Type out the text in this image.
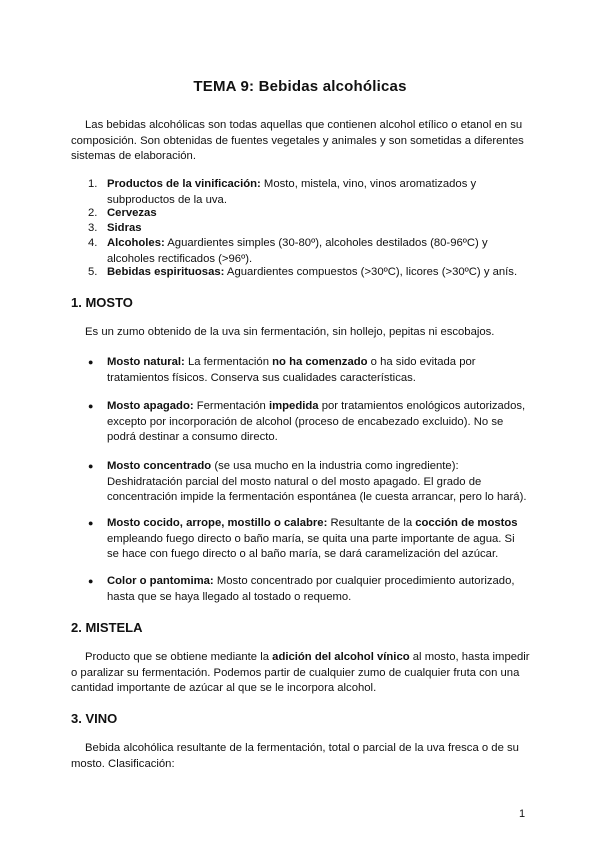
TEMA 9: Bebidas alcohólicas
Las bebidas alcohólicas son todas aquellas que contienen alcohol etílico o etanol en su composición. Son obtenidas de fuentes vegetales y animales y son sometidas a diferentes sistemas de elaboración.
1. Productos de la vinificación: Mosto, mistela, vino, vinos aromatizados y subproductos de la uva.
2. Cervezas
3. Sidras
4. Alcoholes: Aguardientes simples (30-80º), alcoholes destilados (80-96ºC) y alcoholes rectificados (>96º).
5. Bebidas espirituosas: Aguardientes compuestos (>30ºC), licores (>30ºC) y anís.
1. MOSTO
Es un zumo obtenido de la uva sin fermentación, sin hollejo, pepitas ni escobajos.
● Mosto natural: La fermentación no ha comenzado o ha sido evitada por tratamientos físicos. Conserva sus cualidades características.
● Mosto apagado: Fermentación impedida por tratamientos enológicos autorizados, excepto por incorporación de alcohol (proceso de encabezado excluido). No se podrá destinar a consumo directo.
● Mosto concentrado (se usa mucho en la industria como ingrediente): Deshidratación parcial del mosto natural o del mosto apagado. El grado de concentración impide la fermentación espontánea (le cuesta arrancar, pero lo hará).
● Mosto cocido, arrope, mostillo o calabre: Resultante de la cocción de mostos empleando fuego directo o baño maría, se quita una parte importante de agua. Si se hace con fuego directo o al baño maría, se dará caramelización del azúcar.
● Color o pantomima: Mosto concentrado por cualquier procedimiento autorizado, hasta que se haya llegado al tostado o requemo.
2. MISTELA
Producto que se obtiene mediante la adición del alcohol vínico al mosto, hasta impedir o paralizar su fermentación. Podemos partir de cualquier zumo de cualquier fruta con una cantidad importante de azúcar al que se le incorpora alcohol.
3. VINO
Bebida alcohólica resultante de la fermentación, total o parcial de la uva fresca o de su mosto. Clasificación:
1
